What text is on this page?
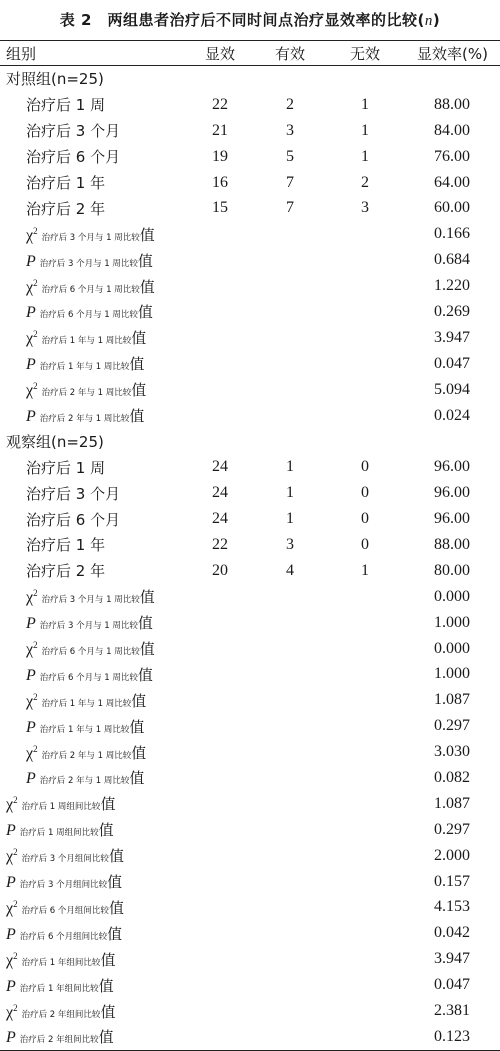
表 2　两组患者治疗后不同时间点治疗显效率的比较(n)
组别	显效	有效	无效	显效率(%)
对照组(n=25)				
治疗后 1 周	22	2	1	88.00
治疗后 3 个月	21	3	1	84.00
治疗后 6 个月	19	5	1	76.00
治疗后 1 年	16	7	2	64.00
治疗后 2 年	15	7	3	60.00
$\chi^2$ 治疗后 3 个月与 1 周比较值				0.166
P 治疗后 3 个月与 1 周比较值				0.684
$\chi^2$ 治疗后 6 个月与 1 周比较值				1.220
P 治疗后 6 个月与 1 周比较值				0.269
$\chi^2$ 治疗后 1 年与 1 周比较值				3.947
P 治疗后 1 年与 1 周比较值				0.047
$\chi^2$ 治疗后 2 年与 1 周比较值				5.094
P 治疗后 2 年与 1 周比较值				0.024
观察组(n=25)				
治疗后 1 周	24	1	0	96.00
治疗后 3 个月	24	1	0	96.00
治疗后 6 个月	24	1	0	96.00
治疗后 1 年	22	3	0	88.00
治疗后 2 年	20	4	1	80.00
$\chi^2$ 治疗后 3 个月与 1 周比较值				0.000
P 治疗后 3 个月与 1 周比较值				1.000
$\chi^2$ 治疗后 6 个月与 1 周比较值				0.000
P 治疗后 6 个月与 1 周比较值				1.000
$\chi^2$ 治疗后 1 年与 1 周比较值				1.087
P 治疗后 1 年与 1 周比较值				0.297
$\chi^2$ 治疗后 2 年与 1 周比较值				3.030
P 治疗后 2 年与 1 周比较值				0.082
$\chi^2$ 治疗后 1 周组间比较值				1.087
P 治疗后 1 周组间比较值				0.297
$\chi^2$ 治疗后 3 个月组间比较值				2.000
P 治疗后 3 个月组间比较值				0.157
$\chi^2$ 治疗后 6 个月组间比较值				4.153
P 治疗后 6 个月组间比较值				0.042
$\chi^2$ 治疗后 1 年组间比较值				3.947
P 治疗后 1 年组间比较值				0.047
$\chi^2$ 治疗后 2 年组间比较值				2.381
P 治疗后 2 年组间比较值				0.123
